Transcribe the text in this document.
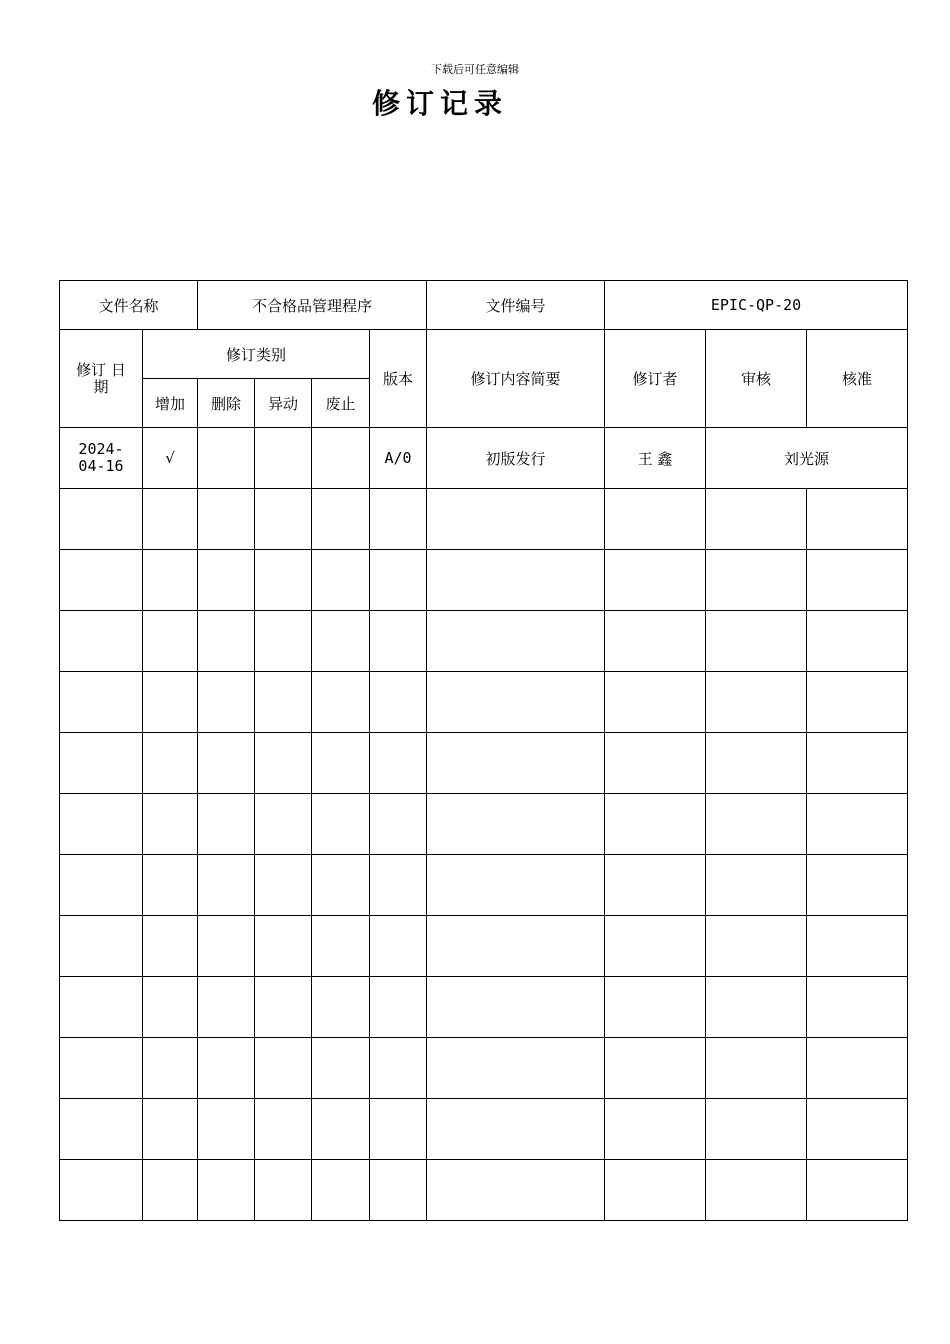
下载后可任意编辑
修订记录
文件名称		不合格品管理程序				文件编号	EPIC-QP-20		
修订 日
期	修订类别				版本	修订内容简要	修订者	审核	核准
	增加	删除	异动	废止					
2024-
04-16	√				A/0	初版发行	王 鑫	刘光源	
